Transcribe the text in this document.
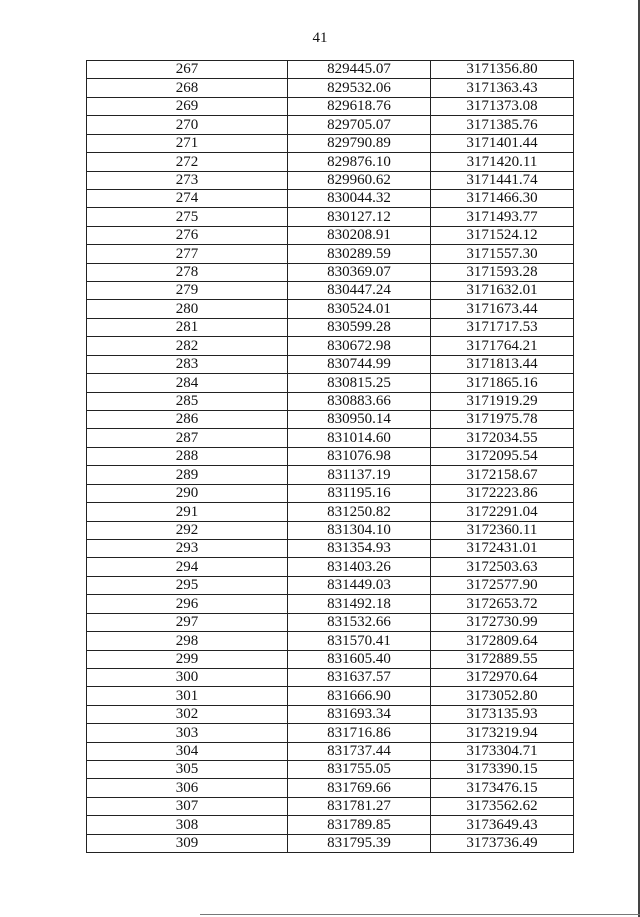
41
267	829445.07	3171356.80
268	829532.06	3171363.43
269	829618.76	3171373.08
270	829705.07	3171385.76
271	829790.89	3171401.44
272	829876.10	3171420.11
273	829960.62	3171441.74
274	830044.32	3171466.30
275	830127.12	3171493.77
276	830208.91	3171524.12
277	830289.59	3171557.30
278	830369.07	3171593.28
279	830447.24	3171632.01
280	830524.01	3171673.44
281	830599.28	3171717.53
282	830672.98	3171764.21
283	830744.99	3171813.44
284	830815.25	3171865.16
285	830883.66	3171919.29
286	830950.14	3171975.78
287	831014.60	3172034.55
288	831076.98	3172095.54
289	831137.19	3172158.67
290	831195.16	3172223.86
291	831250.82	3172291.04
292	831304.10	3172360.11
293	831354.93	3172431.01
294	831403.26	3172503.63
295	831449.03	3172577.90
296	831492.18	3172653.72
297	831532.66	3172730.99
298	831570.41	3172809.64
299	831605.40	3172889.55
300	831637.57	3172970.64
301	831666.90	3173052.80
302	831693.34	3173135.93
303	831716.86	3173219.94
304	831737.44	3173304.71
305	831755.05	3173390.15
306	831769.66	3173476.15
307	831781.27	3173562.62
308	831789.85	3173649.43
309	831795.39	3173736.49
